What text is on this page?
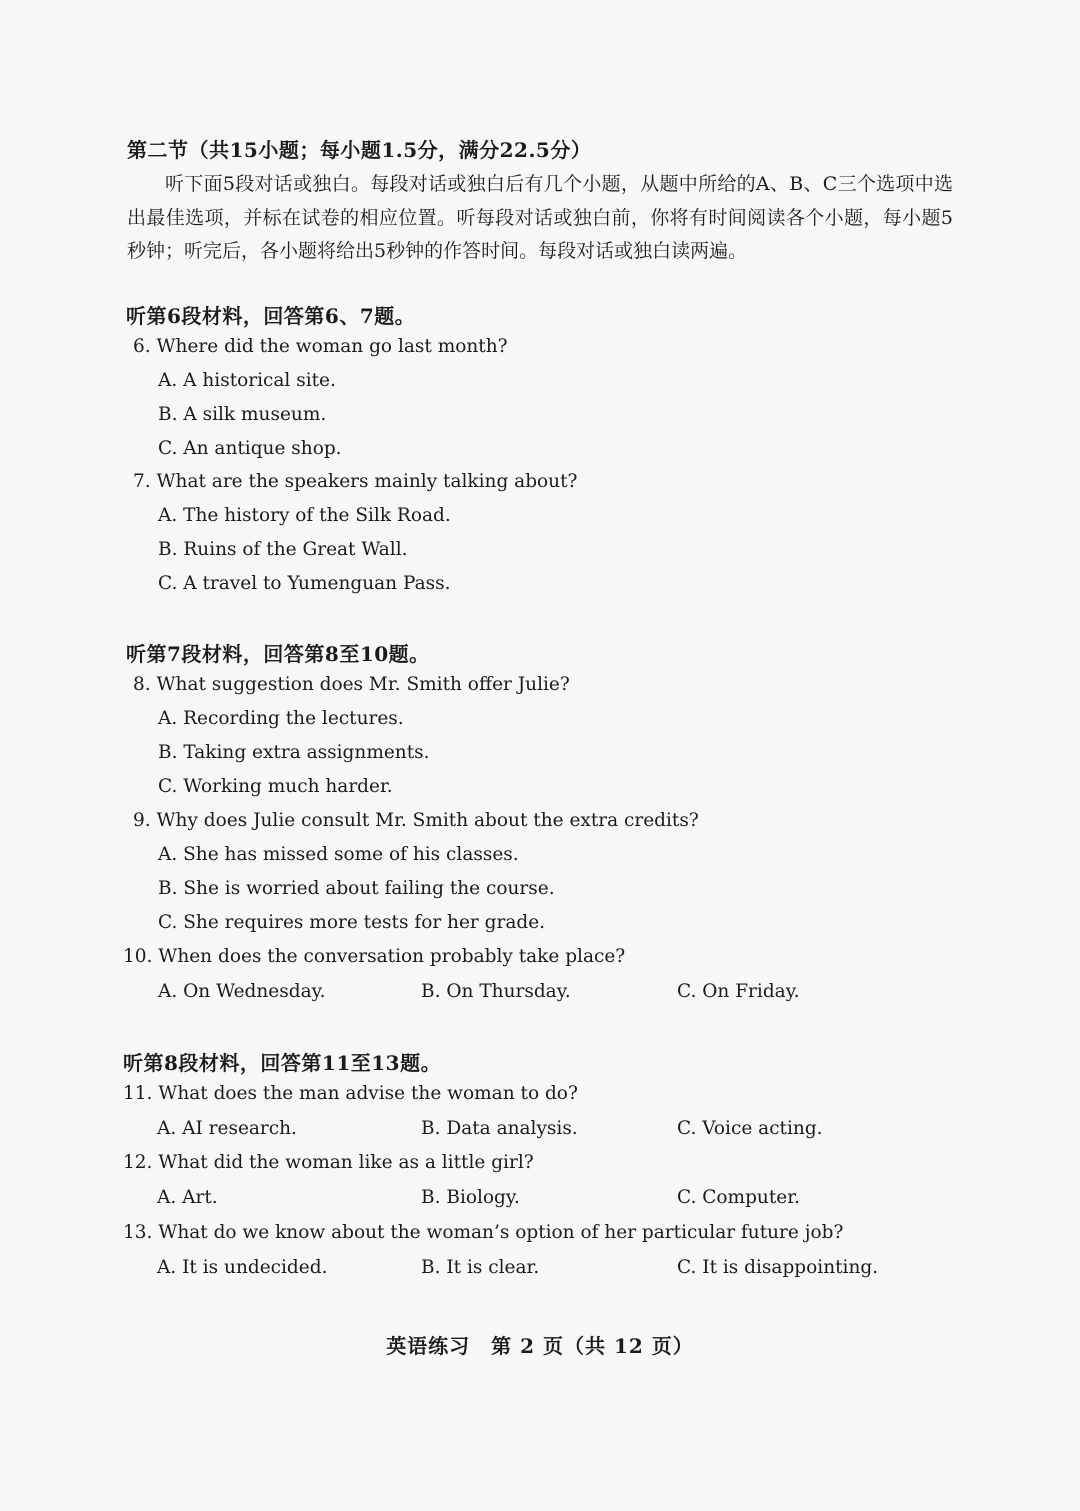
第二节（共15小题；每小题1.5分，满分22.5分）
听下面5段对话或独白。每段对话或独白后有几个小题，从题中所给的A、B、C三个选项中选出最佳选项，并标在试卷的相应位置。听每段对话或独白前，你将有时间阅读各个小题，每小题5秒钟；听完后，各小题将给出5秒钟的作答时间。每段对话或独白读两遍。
听第6段材料，回答第6、7题。
6. Where did the woman go last month?
A. A historical site.
B. A silk museum.
C. An antique shop.
7. What are the speakers mainly talking about?
A. The history of the Silk Road.
B. Ruins of the Great Wall.
C. A travel to Yumenguan Pass.
听第7段材料，回答第8至10题。
8. What suggestion does Mr. Smith offer Julie?
A. Recording the lectures.
B. Taking extra assignments.
C. Working much harder.
9. Why does Julie consult Mr. Smith about the extra credits?
A. She has missed some of his classes.
B. She is worried about failing the course.
C. She requires more tests for her grade.
10. When does the conversation probably take place?
A. On Wednesday.	B. On Thursday.	C. On Friday.
听第8段材料，回答第11至13题。
11. What does the man advise the woman to do?
A. AI research.	B. Data analysis.	C. Voice acting.
12. What did the woman like as a little girl?
A. Art.	B. Biology.	C. Computer.
13. What do we know about the woman’s option of her particular future job?
A. It is undecided.	B. It is clear.	C. It is disappointing.
英语练习　第 2 页（共 12 页）
